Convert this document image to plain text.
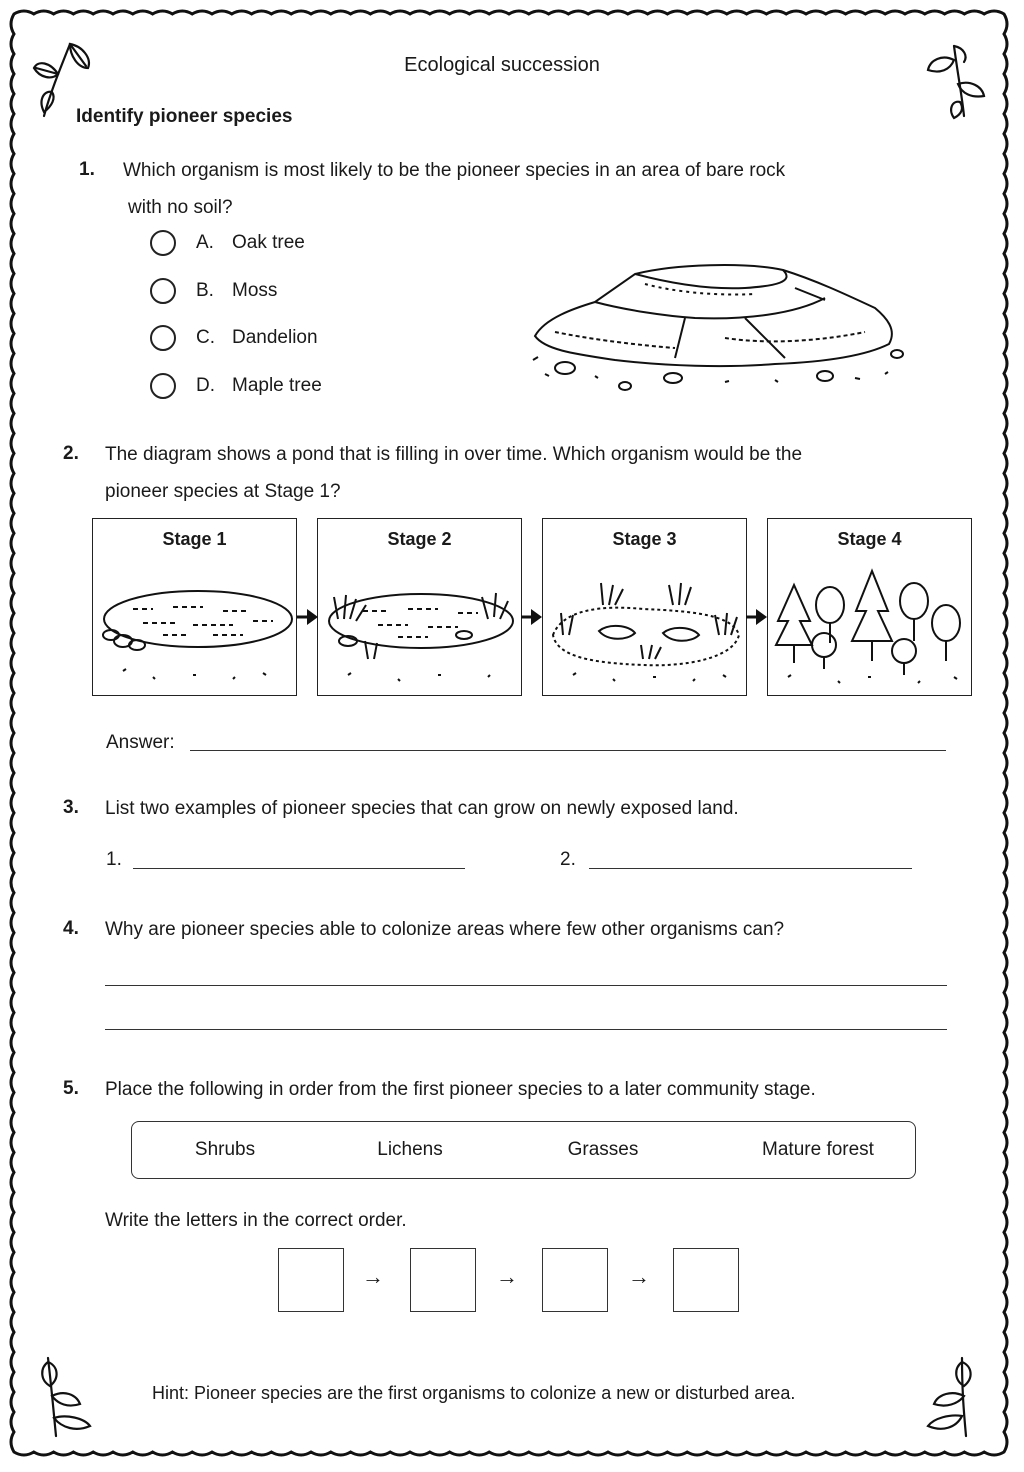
Ecological succession
Identify pioneer species
1. Which organism is most likely to be the pioneer species in an area of bare rock
with no soil?
A. Oak tree
B. Moss
C. Dandelion
D. Maple tree
2. The diagram shows a pond that is filling in over time. Which organism would be the
pioneer species at Stage 1?
Stage 1	Stage 2	Stage 3	Stage 4
Answer:
3. List two examples of pioneer species that can grow on newly exposed land.
1.	2.
4. Why are pioneer species able to colonize areas where few other organisms can?
5. Place the following in order from the first pioneer species to a later community stage.
Shrubs	Lichens	Grasses	Mature forest
Write the letters in the correct order.
→	→	→
Hint: Pioneer species are the first organisms to colonize a new or disturbed area.
